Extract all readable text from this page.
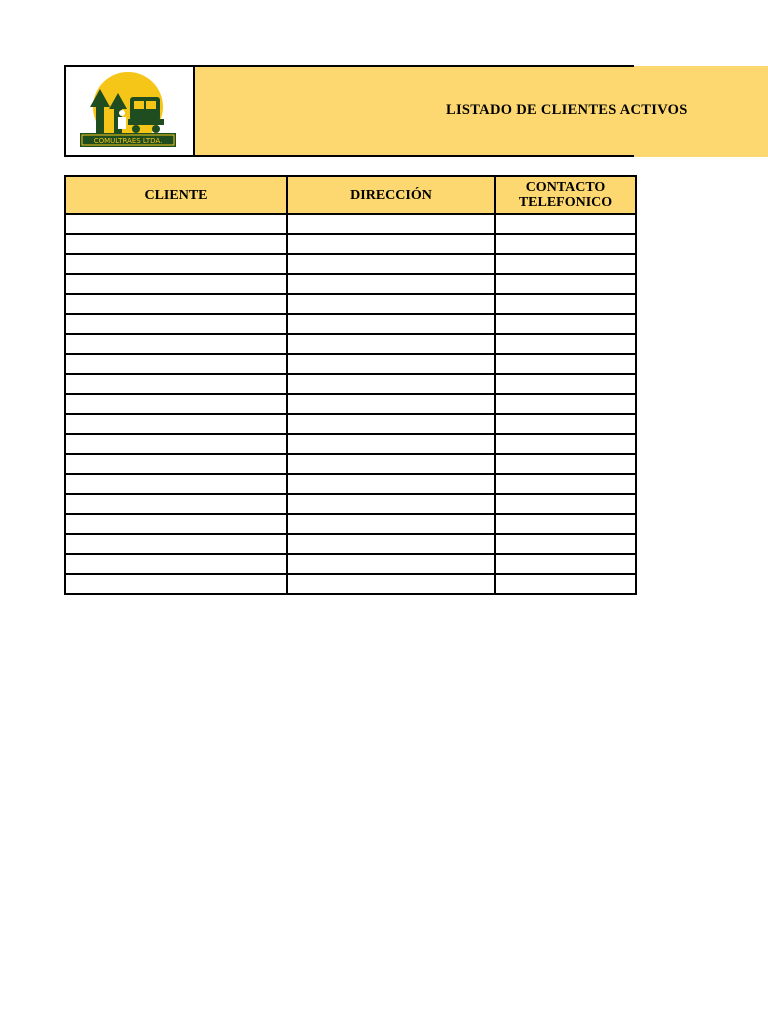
COMULTRAES LTDA.
LISTADO DE CLIENTES ACTIVOS
CLIENTE	DIRECCIÓN	CONTACTO TELEFONICO
